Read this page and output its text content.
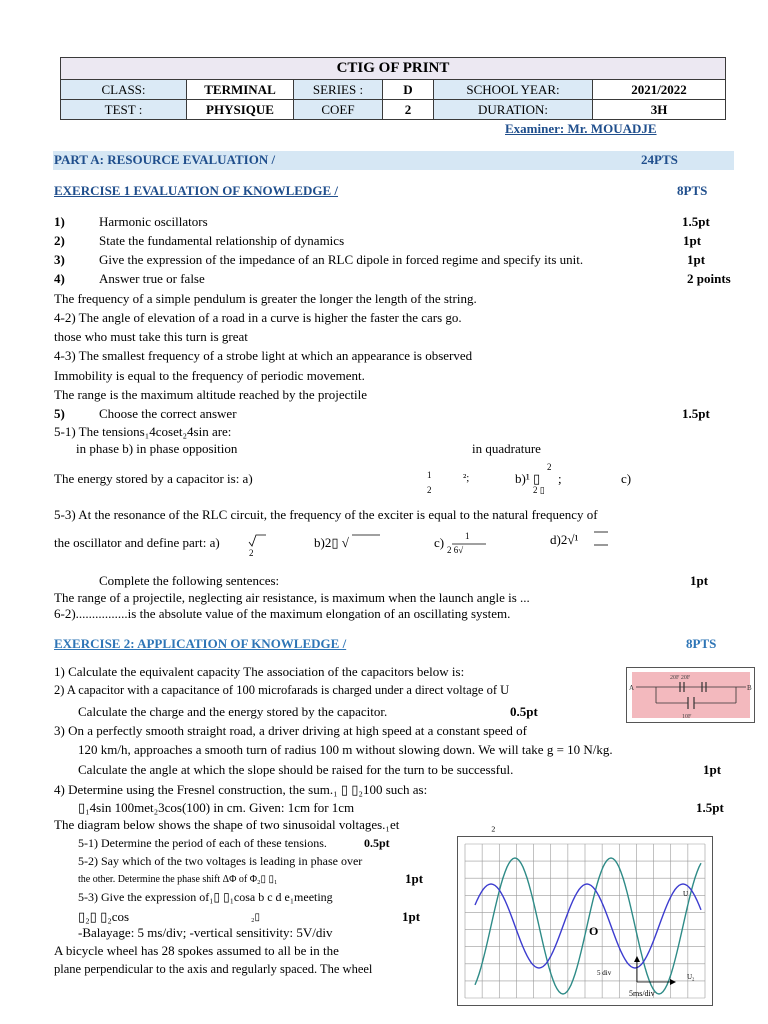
CTIG OF PRINT					
CLASS:	TERMINAL	SERIES :	D	SCHOOL YEAR:	2021/2022
TEST :	PHYSIQUE	COEF	2	DURATION:	3H
Examiner: Mr. MOUADJE
PART A: RESOURCE EVALUATION /	24PTS
EXERCISE 1 EVALUATION OF KNOWLEDGE /	8PTS
1)	Harmonic oscillators	1.5pt
2)	State the fundamental relationship of dynamics	1pt
3)	Give the expression of the impedance of an RLC dipole in forced regime and specify its unit.	1pt
4)	Answer true or false	2 points
The frequency of a simple pendulum is greater the longer the length of the string.
4-2) The angle of elevation of a road in a curve is higher the faster the cars go.
those who must take this turn is great
4-3) The smallest frequency of a strobe light at which an appearance is observed
Immobility is equal to the frequency of periodic movement.
The range is the maximum altitude reached by the projectile
5)	Choose the correct answer	1.5pt
5-1) The tensions₁4coset₂4sin are:
in phase b) in phase opposition	in quadrature
The energy stored by a capacitor is: a)	1
2
²;
2
b)¹ ▯
2 ▯
;	c)
5-3) At the resonance of the RLC circuit, the frequency of the exciter is equal to the natural frequency of
the oscillator and define part: a)
2
b)2▯ √	c) 1
2 6√
d)2√¹
Complete the following sentences:	1pt
The range of a projectile, neglecting air resistance, is maximum when the launch angle is ...
6-2)................is the absolute value of the maximum elongation of an oscillating system.
EXERCISE 2: APPLICATION OF KNOWLEDGE /	8PTS
1) Calculate the equivalent capacity The association of the capacitors below is:
2) A capacitor with a capacitance of 100 microfarads is charged under a direct voltage of U
20F 20F
10F
A	B
Calculate the charge and the energy stored by the capacitor.	0.5pt
3) On a perfectly smooth straight road, a driver driving at high speed at a constant speed of
120 km/h, approaches a smooth turn of radius 100 m without slowing down. We will take g = 10 N/kg.
Calculate the angle at which the slope should be raised for the turn to be successful.	1pt
4) Determine using the Fresnel construction, the sum.₁ ▯ ▯₂100 such as:
▯₁4sin 100met₂3cos(100) in cm. Given: 1cm for 1cm	1.5pt
The diagram below shows the shape of two sinusoidal voltages.₁et	₂
5-1) Determine the period of each of these tensions.	0.5pt
5-2) Say which of the two voltages is leading in phase over
the other. Determine the phase shift ΔΦ of Φ₂▯ ▯₁	1pt
5-3) Give the expression of₁▯ ▯₁cosa b c d e₁meeting
▯₂▯ ▯₂cos	₂▯	1pt
-Balayage: 5 ms/div; -vertical sensitivity: 5V/div
A bicycle wheel has 28 spokes assumed to all be in the
plane perpendicular to the axis and regularly spaced. The wheel
O
U
U₂
5 div
5ms/div
